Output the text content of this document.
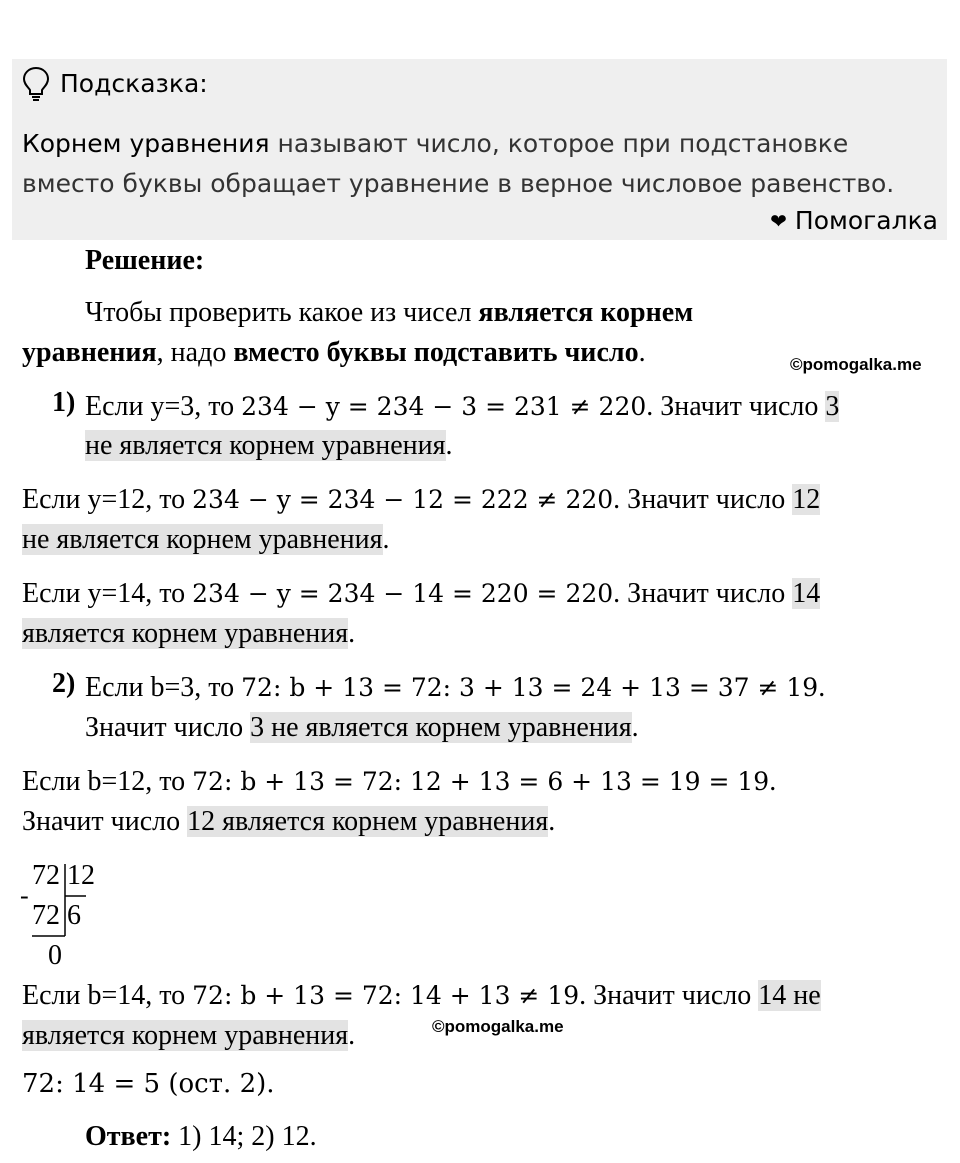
Подсказка:
Корнем уравнения называют число, которое при подстановке вместо буквы обращает уравнение в верное числовое равенство.
❤ Помогалка
Решение:
Чтобы проверить какое из чисел является корнем
уравнения, надо вместо буквы подставить число.	©pomogalka.me
1) Если y=3, то 234 − y = 234 − 3 = 231 ≠ 220. Значит число 3
не является корнем уравнения.
Если y=12, то 234 − y = 234 − 12 = 222 ≠ 220. Значит число 12
не является корнем уравнения.
Если y=14, то 234 − y = 234 − 14 = 220 = 220. Значит число 14
является корнем уравнения.
2) Если b=3, то 72: b + 13 = 72: 3 + 13 = 24 + 13 = 37 ≠ 19.
Значит число 3 не является корнем уравнения.
Если b=12, то 72: b + 13 = 72: 12 + 13 = 6 + 13 = 19 = 19.
Значит число 12 является корнем уравнения.
72 12
-
72 6
0
Если b=14, то 72: b + 13 = 72: 14 + 13 ≠ 19. Значит число 14 не
является корнем уравнения.	©pomogalka.me
72: 14 = 5 (ост. 2).
Ответ: 1) 14; 2) 12.
